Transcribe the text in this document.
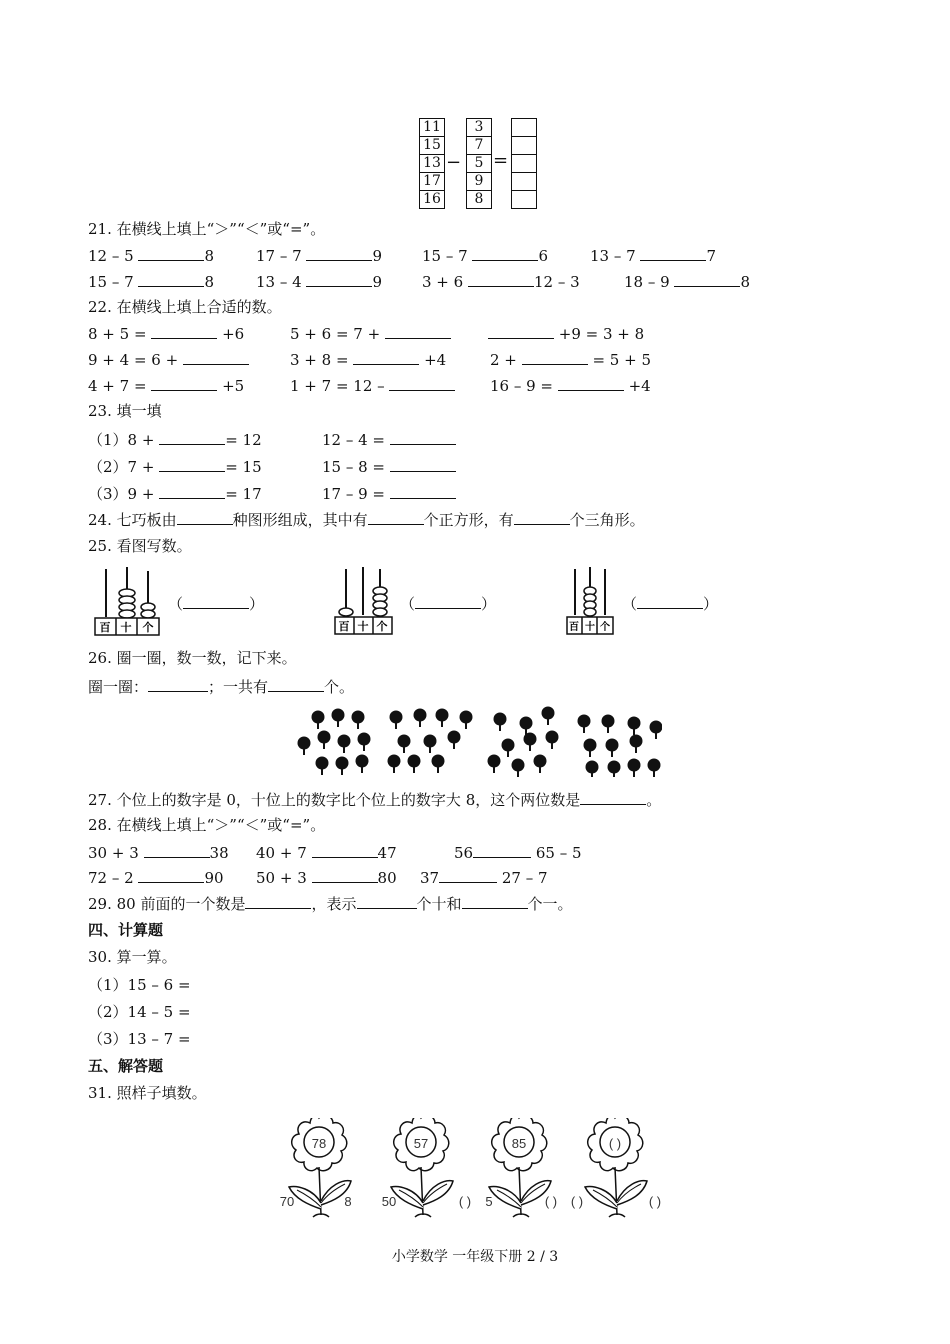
11
15
13
17
16
−
3
7
5
9
8
=
21. 在横线上填上“＞”“＜”或“=”。
12 – 5	8	17 – 7	9	15 – 7	6	13 – 7	7
15 – 7	8	13 – 4	9	3 + 6	12 – 3	18 – 9	8
22. 在横线上填上合适的数。
8 + 5 =	+6	5 + 6 = 7 +	+9 = 3 + 8
9 + 4 = 6 +	3 + 8 =	+4	2 +	= 5 + 5
4 + 7 =	+5	1 + 7 = 12 –	16 – 9 =	+4
23. 填一填
（1）8 +	= 12	12 – 4 =
（2）7 +	= 15	15 – 8 =
（3）9 +	= 17	17 – 9 =
24. 七巧板由	种图形组成，其中有	个正方形，有	个三角形。
25. 看图写数。
百 十 个
（	）
百 十 个
（	）
百 十 个
（	）
26. 圈一圈，数一数，记下来。
圈一圈：	；一共有	个。
27. 个位上的数字是 0，十位上的数字比个位上的数字大 8，这个两位数是	。
28. 在横线上填上“＞”“＜”或“=”。
30 + 3	38 40 + 7	47	56	65 – 5
72 – 2	90 50 + 3	80 37	27 – 7
29. 80 前面的一个数是	，表示	个十和	个一。
四、计算题
30. 算一算。
（1）15 – 6 =
（2）14 – 5 =
（3）13 – 7 =
五、解答题
31. 照样子填数。
78
70	8
57
50	( )
85
5	( )
( )
( )	( )
小学数学 一年级下册 2 / 3
